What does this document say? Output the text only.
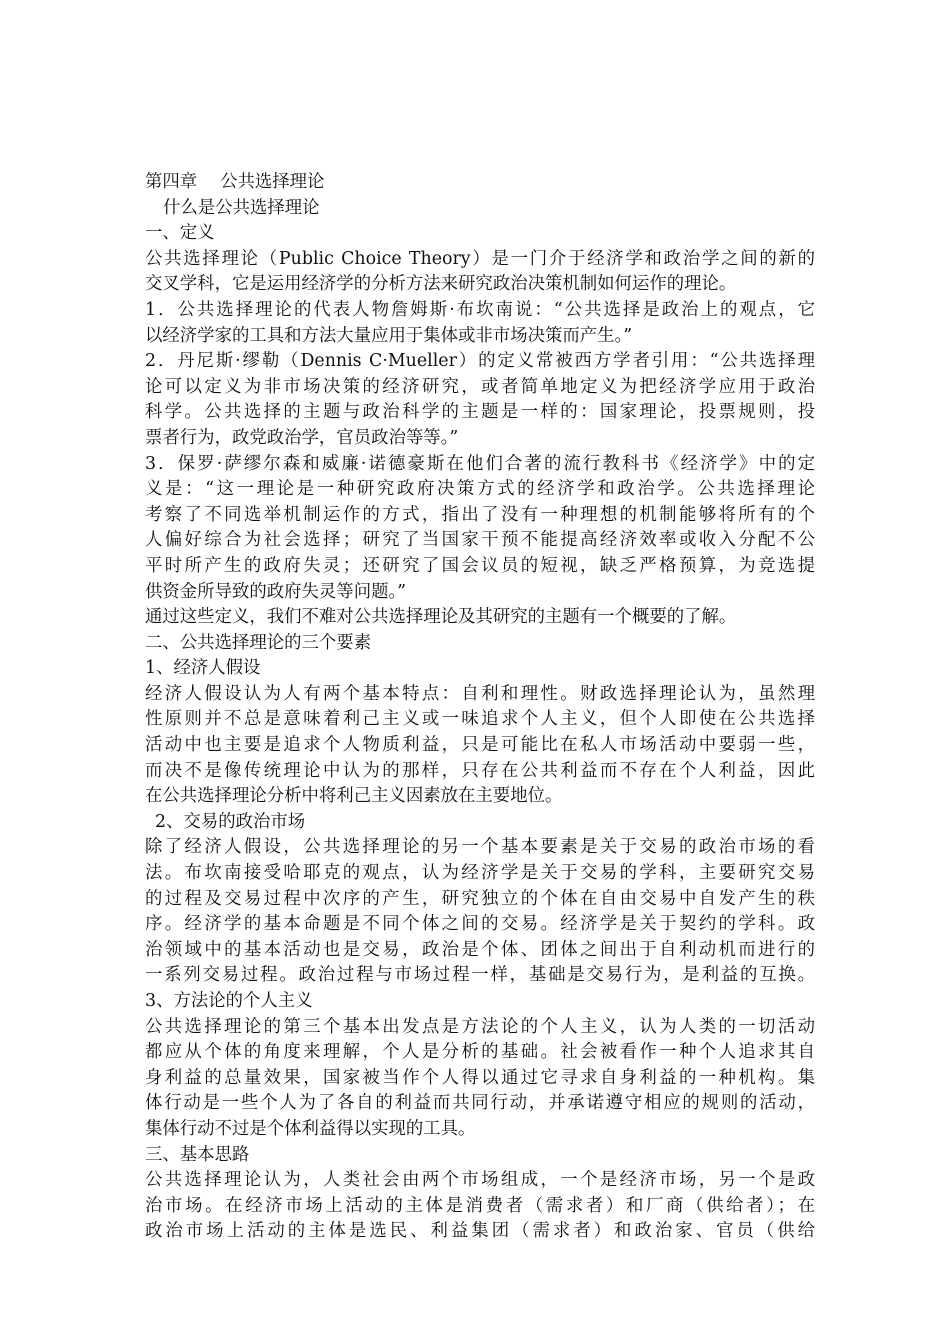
第四章　 公共选择理论
什么是公共选择理论
一、定义
公共选择理论（Public Choice Theory）是一门介于经济学和政治学之间的新的
交叉学科，它是运用经济学的分析方法来研究政治决策机制如何运作的理论。
1．公共选择理论的代表人物詹姆斯·布坎南说：“公共选择是政治上的观点，它
以经济学家的工具和方法大量应用于集体或非市场决策而产生。”
2．丹尼斯·缪勒（Dennis C·Mueller）的定义常被西方学者引用：“公共选择理
论可以定义为非市场决策的经济研究，或者简单地定义为把经济学应用于政治
科学。公共选择的主题与政治科学的主题是一样的：国家理论，投票规则，投
票者行为，政党政治学，官员政治等等。”
3．保罗·萨缪尔森和威廉·诺德豪斯在他们合著的流行教科书《经济学》中的定
义是：“这一理论是一种研究政府决策方式的经济学和政治学。公共选择理论
考察了不同选举机制运作的方式，指出了没有一种理想的机制能够将所有的个
人偏好综合为社会选择；研究了当国家干预不能提高经济效率或收入分配不公
平时所产生的政府失灵；还研究了国会议员的短视，缺乏严格预算，为竞选提
供资金所导致的政府失灵等问题。”
通过这些定义，我们不难对公共选择理论及其研究的主题有一个概要的了解。
二、公共选择理论的三个要素
1、经济人假设
经济人假设认为人有两个基本特点：自利和理性。财政选择理论认为，虽然理
性原则并不总是意味着利己主义或一味追求个人主义，但个人即使在公共选择
活动中也主要是追求个人物质利益，只是可能比在私人市场活动中要弱一些，
而决不是像传统理论中认为的那样，只存在公共利益而不存在个人利益，因此
在公共选择理论分析中将利己主义因素放在主要地位。
2、交易的政治市场
除了经济人假设，公共选择理论的另一个基本要素是关于交易的政治市场的看
法。布坎南接受哈耶克的观点，认为经济学是关于交易的学科，主要研究交易
的过程及交易过程中次序的产生，研究独立的个体在自由交易中自发产生的秩
序。经济学的基本命题是不同个体之间的交易。经济学是关于契约的学科。政
治领域中的基本活动也是交易，政治是个体、团体之间出于自利动机而进行的
一系列交易过程。政治过程与市场过程一样，基础是交易行为，是利益的互换。
3、方法论的个人主义
公共选择理论的第三个基本出发点是方法论的个人主义，认为人类的一切活动
都应从个体的角度来理解，个人是分析的基础。社会被看作一种个人追求其自
身利益的总量效果，国家被当作个人得以通过它寻求自身利益的一种机构。集
体行动是一些个人为了各自的利益而共同行动，并承诺遵守相应的规则的活动，
集体行动不过是个体利益得以实现的工具。
三、基本思路
公共选择理论认为，人类社会由两个市场组成，一个是经济市场，另一个是政
治市场。在经济市场上活动的主体是消费者（需求者）和厂商（供给者）；在
政治市场上活动的主体是选民、利益集团（需求者）和政治家、官员（供给
